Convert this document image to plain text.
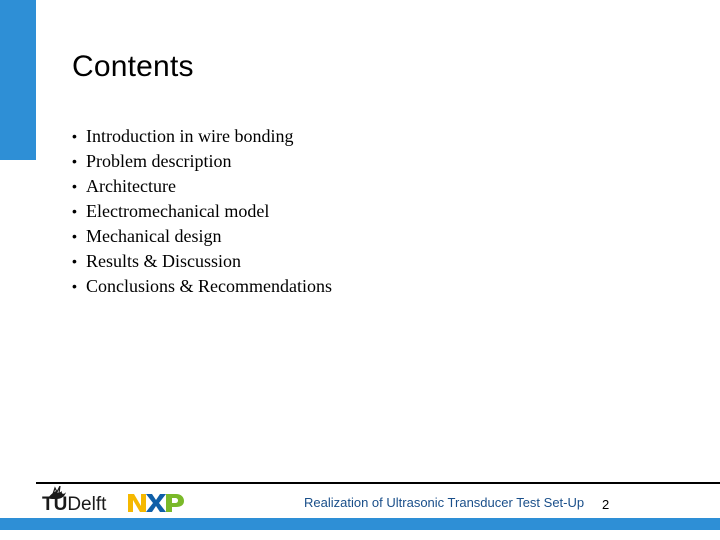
Contents
• Introduction in wire bonding
• Problem description
• Architecture
• Electromechanical model
• Mechanical design
• Results & Discussion
• Conclusions & Recommendations
TUDelft	Realization of Ultrasonic Transducer Test Set-Up 2
